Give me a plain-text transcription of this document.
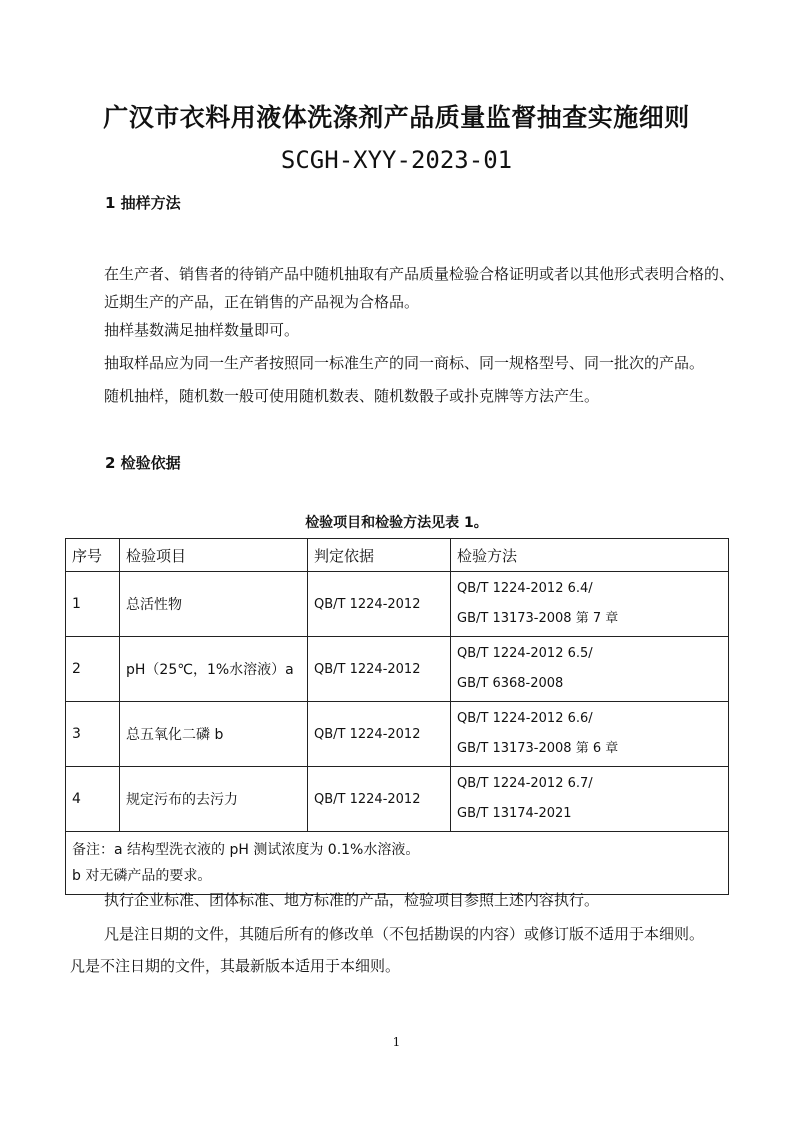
广汉市衣料用液体洗涤剂产品质量监督抽查实施细则
SCGH-XYY-2023-01
1 抽样方法
在生产者、销售者的待销产品中随机抽取有产品质量检验合格证明或者以其他形式表明合格的、近期生产的产品，正在销售的产品视为合格品。
抽样基数满足抽样数量即可。
抽取样品应为同一生产者按照同一标准生产的同一商标、同一规格型号、同一批次的产品。
随机抽样，随机数一般可使用随机数表、随机数骰子或扑克牌等方法产生。
2 检验依据
检验项目和检验方法见表 1。
序号	检验项目	判定依据	检验方法
1	总活性物	QB/T 1224-2012	QB/T 1224-2012 6.4/
GB/T 13173-2008 第 7 章

2	pH（25℃，1%水溶液）a	QB/T 1224-2012	QB/T 1224-2012 6.5/
GB/T 6368-2008

3	总五氧化二磷 b	QB/T 1224-2012	QB/T 1224-2012 6.6/
GB/T 13173-2008 第 6 章

4	规定污布的去污力	QB/T 1224-2012	QB/T 1224-2012 6.7/
GB/T 13174-2021

备注：a 结构型洗衣液的 pH 测试浓度为 0.1%水溶液。
b 对无磷产品的要求。			
执行企业标准、团体标准、地方标准的产品，检验项目参照上述内容执行。
凡是注日期的文件，其随后所有的修改单（不包括勘误的内容）或修订版不适用于本细则。
凡是不注日期的文件，其最新版本适用于本细则。
1
